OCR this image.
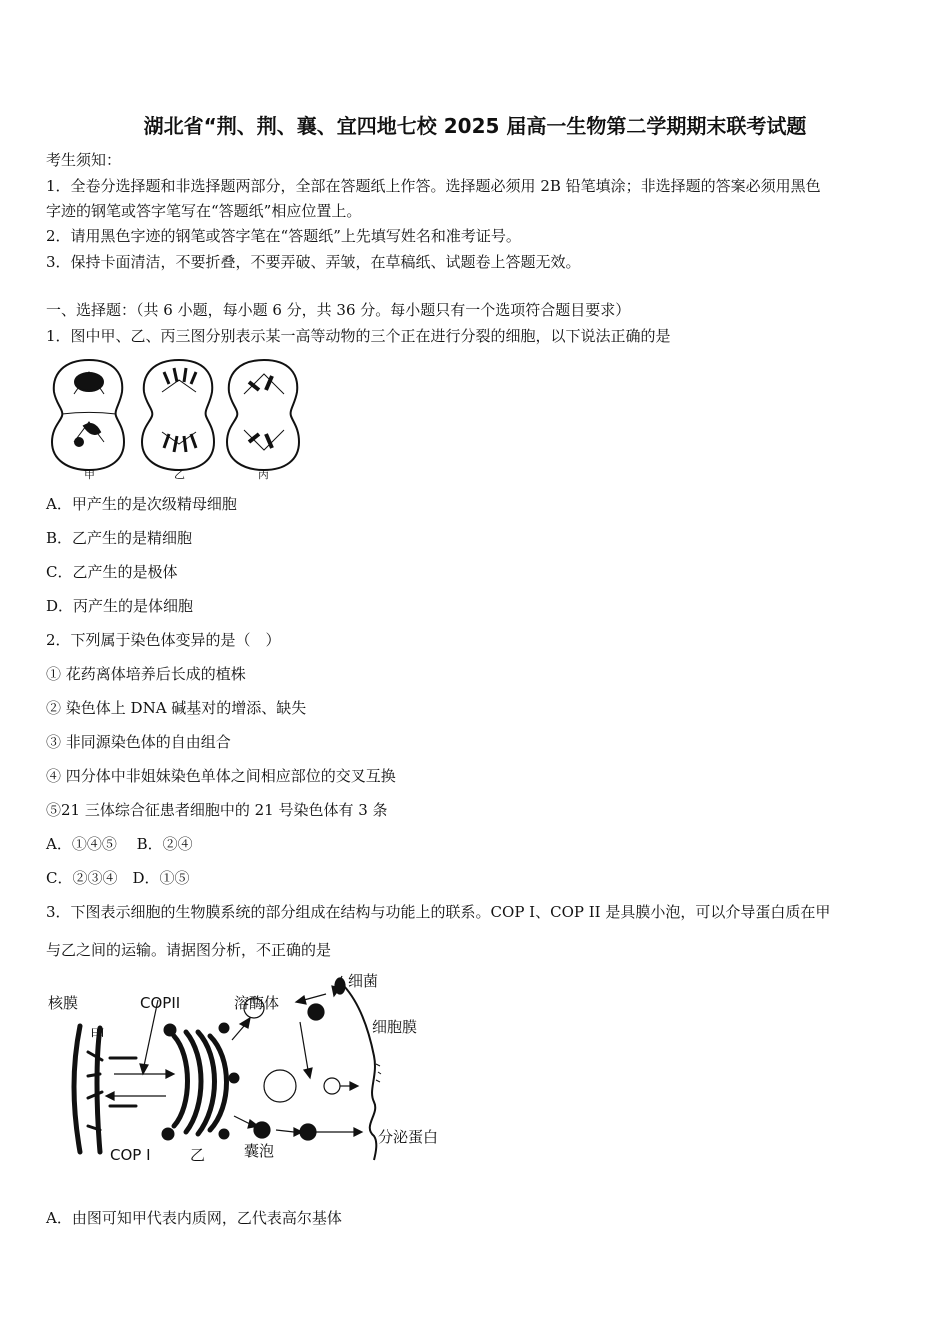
湖北省“荆、荆、襄、宜四地七校 2025 届高一生物第二学期期末联考试题
考生须知：
1．全卷分选择题和非选择题两部分，全部在答题纸上作答。选择题必须用 2B 铅笔填涂；非选择题的答案必须用黑色
字迹的钢笔或答字笔写在“答题纸”相应位置上。
2．请用黑色字迹的钢笔或答字笔在“答题纸”上先填写姓名和准考证号。
3．保持卡面清洁，不要折叠，不要弄破、弄皱，在草稿纸、试题卷上答题无效。
一、选择题：（共 6 小题，每小题 6 分，共 36 分。每小题只有一个选项符合题目要求）
1．图中甲、乙、丙三图分别表示某一高等动物的三个正在进行分裂的细胞，以下说法正确的是
甲	乙	丙
A．甲产生的是次级精母细胞
B．乙产生的是精细胞
C．乙产生的是极体
D．丙产生的是体细胞
2．下列属于染色体变异的是（　）
① 花药离体培养后长成的植株
② 染色体上 DNA 碱基对的增添、缺失
③ 非同源染色体的自由组合
④ 四分体中非姐妹染色单体之间相应部位的交叉互换
⑤21 三体综合征患者细胞中的 21 号染色体有 3 条
A．①④⑤　 B．②④
C．②③④　D．①⑤
3．下图表示细胞的生物膜系统的部分组成在结构与功能上的联系。COP I、COP II 是具膜小泡，可以介导蛋白质在甲
与乙之间的运输。请据图分析，不正确的是
核膜	COPII	溶酶体
细菌
细胞膜
甲
COP I	乙	囊泡
分泌蛋白
A．由图可知甲代表内质网，乙代表高尔基体
